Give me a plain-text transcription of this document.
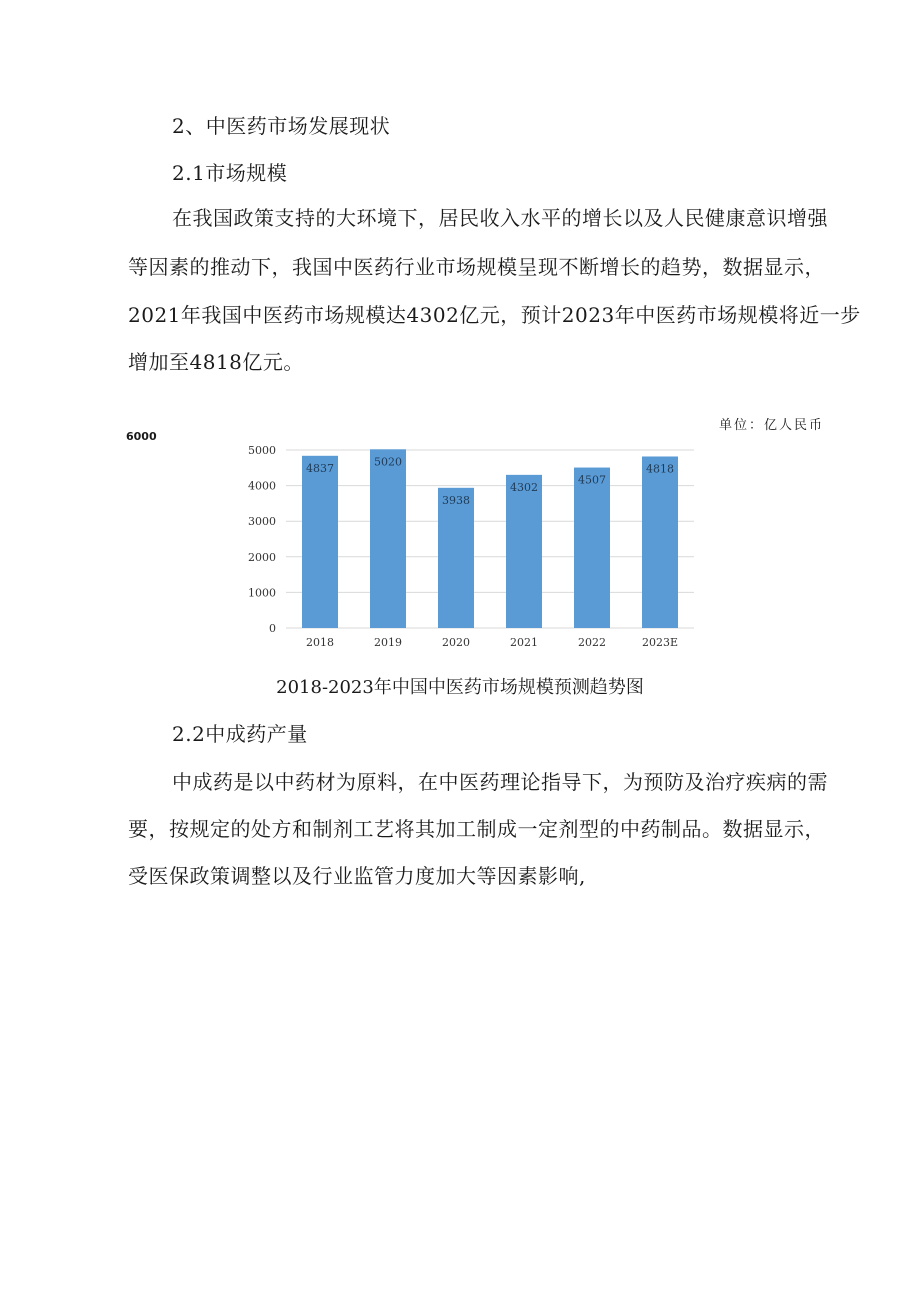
2、中医药市场发展现状
2.1市场规模
在我国政策支持的大环境下，居民收入水平的增长以及人民健康意识增强
等因素的推动下，我国中医药行业市场规模呈现不断增长的趋势，数据显示，
2021年我国中医药市场规模达4302亿元，预计2023年中医药市场规模将近一步
增加至4818亿元。
单位：亿人民币
6000
0
1000
2000
3000
4000
5000
4837
2018
5020
2019
3938
2020
4302
2021
4507
2022
4818
2023E
2018-2023年中国中医药市场规模预测趋势图
2.2中成药产量
中成药是以中药材为原料，在中医药理论指导下，为预防及治疗疾病的需
要，按规定的处方和制剂工艺将其加工制成一定剂型的中药制品。数据显示，
受医保政策调整以及行业监管力度加大等因素影响,
